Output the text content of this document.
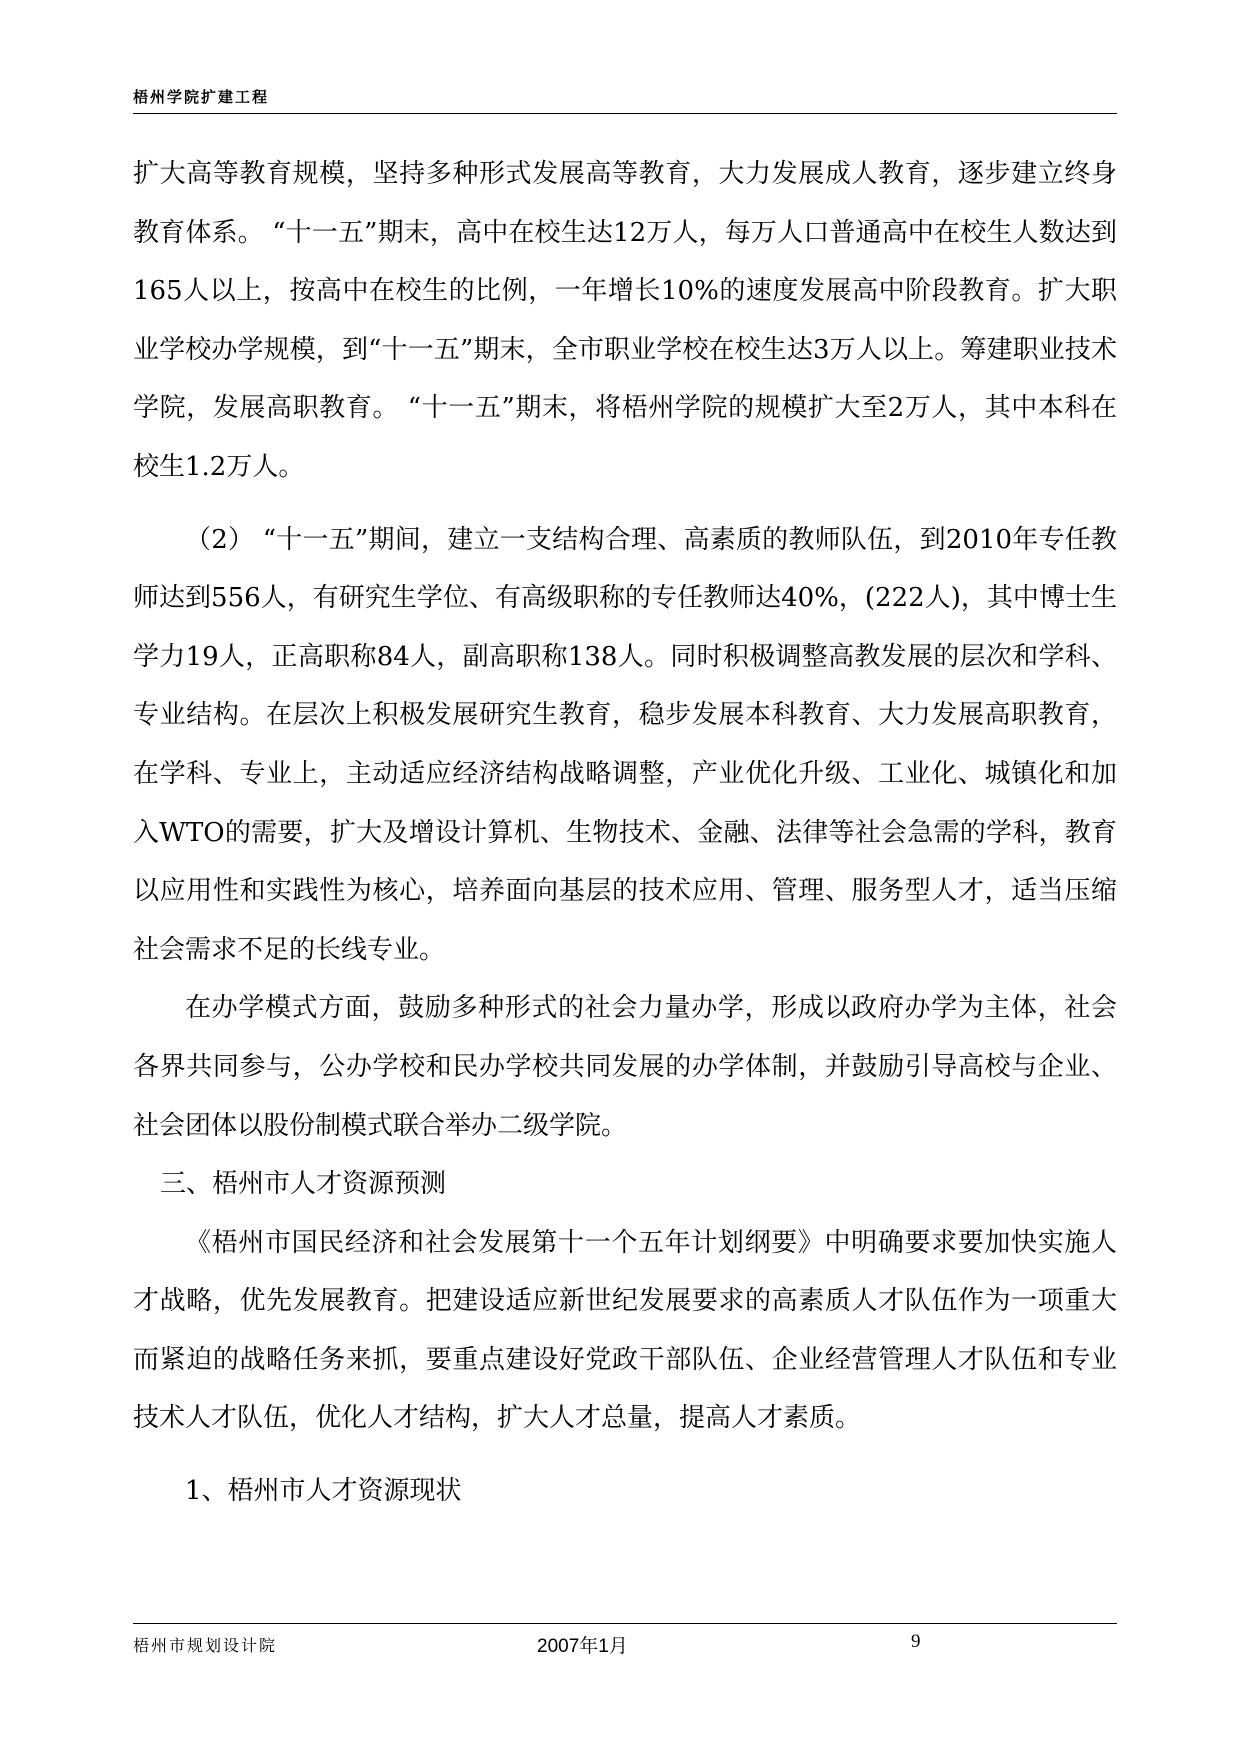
梧州学院扩建工程

扩大高等教育规模，坚持多种形式发展高等教育，大力发展成人教育，逐步建立终身教育体系。 “十一五”期末，高中在校生达12万人，每万人口普通高中在校生人数达到165人以上，按高中在校生的比例，一年增长10%的速度发展高中阶段教育。扩大职业学校办学规模，到“十一五”期末，全市职业学校在校生达3万人以上。筹建职业技术学院，发展高职教育。 “十一五”期末，将梧州学院的规模扩大至2万人，其中本科在校生1.2万人。

（2） “十一五”期间，建立一支结构合理、高素质的教师队伍，到2010年专任教师达到556人，有研究生学位、有高级职称的专任教师达40%，(222人)，其中博士生学力19人，正高职称84人，副高职称138人。同时积极调整高教发展的层次和学科、专业结构。在层次上积极发展研究生教育，稳步发展本科教育、大力发展高职教育，在学科、专业上，主动适应经济结构战略调整，产业优化升级、工业化、城镇化和加入WTO的需要，扩大及增设计算机、生物技术、金融、法律等社会急需的学科，教育以应用性和实践性为核心，培养面向基层的技术应用、管理、服务型人才，适当压缩社会需求不足的长线专业。

在办学模式方面，鼓励多种形式的社会力量办学，形成以政府办学为主体，社会各界共同参与，公办学校和民办学校共同发展的办学体制，并鼓励引导高校与企业、社会团体以股份制模式联合举办二级学院。

三、梧州市人才资源预测

《梧州市国民经济和社会发展第十一个五年计划纲要》中明确要求要加快实施人才战略，优先发展教育。把建设适应新世纪发展要求的高素质人才队伍作为一项重大而紧迫的战略任务来抓，要重点建设好党政干部队伍、企业经营管理人才队伍和专业技术人才队伍，优化人才结构，扩大人才总量，提高人才素质。

1、梧州市人才资源现状

梧州市规划设计院	2007年1月	9
